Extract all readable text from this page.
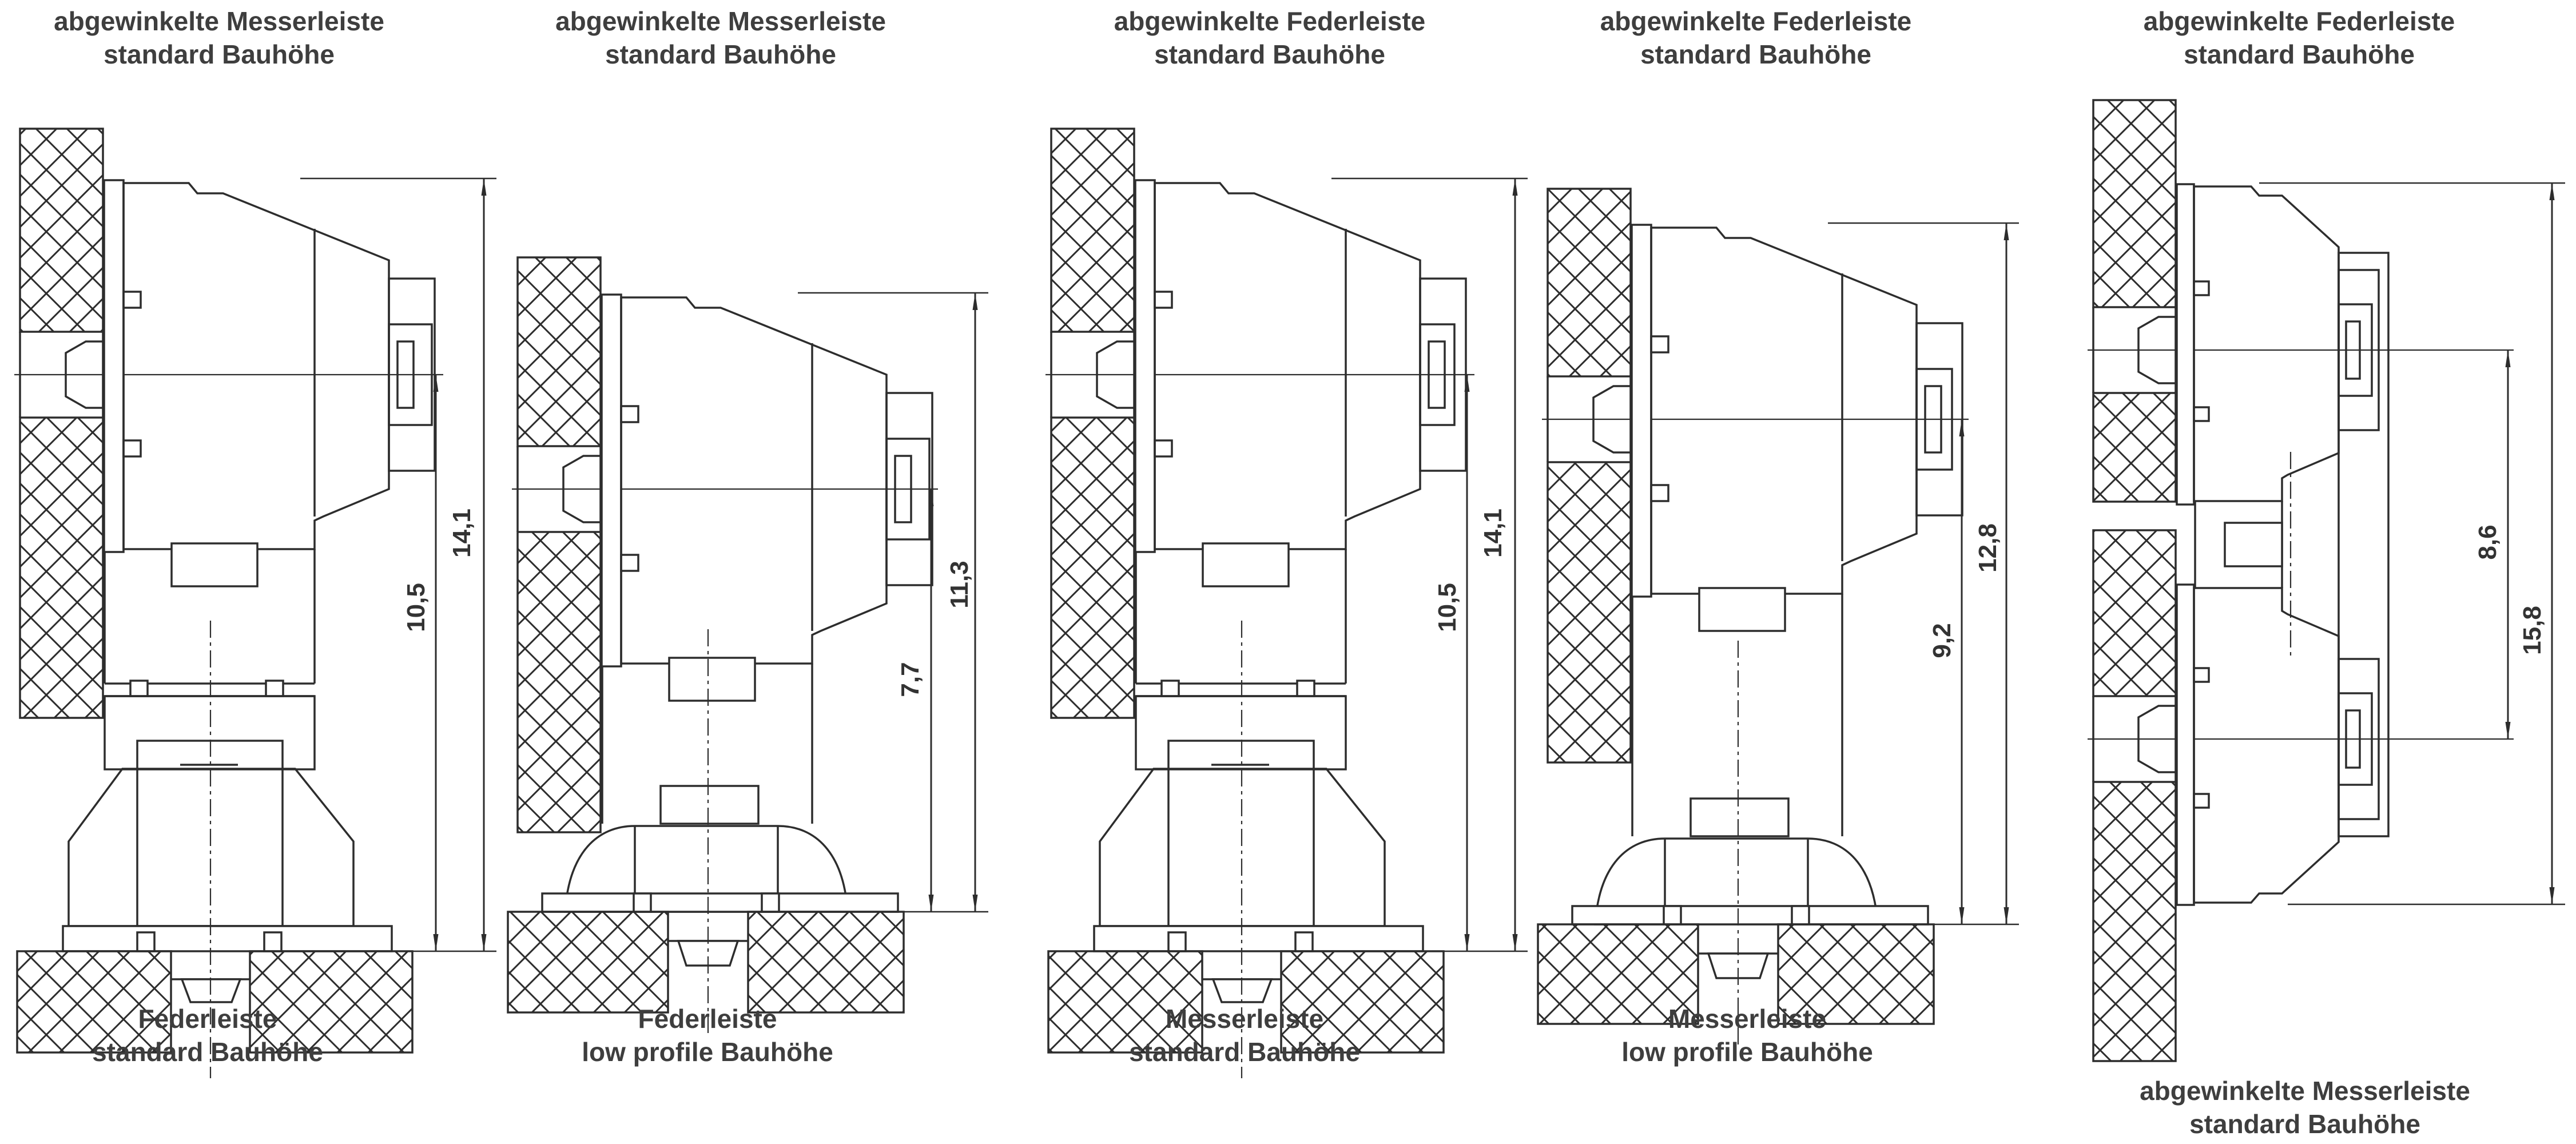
abgewinkelte Messerleiste
standard Bauhöhe
abgewinkelte Messerleiste
standard Bauhöhe
abgewinkelte Federleiste
standard Bauhöhe
abgewinkelte Federleiste
standard Bauhöhe
abgewinkelte Federleiste
standard Bauhöhe
Federleiste
standard Bauhöhe
Federleiste
low profile Bauhöhe
Messerleiste
standard Bauhöhe
Messerleiste
low profile Bauhöhe
abgewinkelte Messerleiste
standard Bauhöhe
10,5
14,1
7,7
11,3	10,5
14,1
9,2
12,8	8,6
15,8
